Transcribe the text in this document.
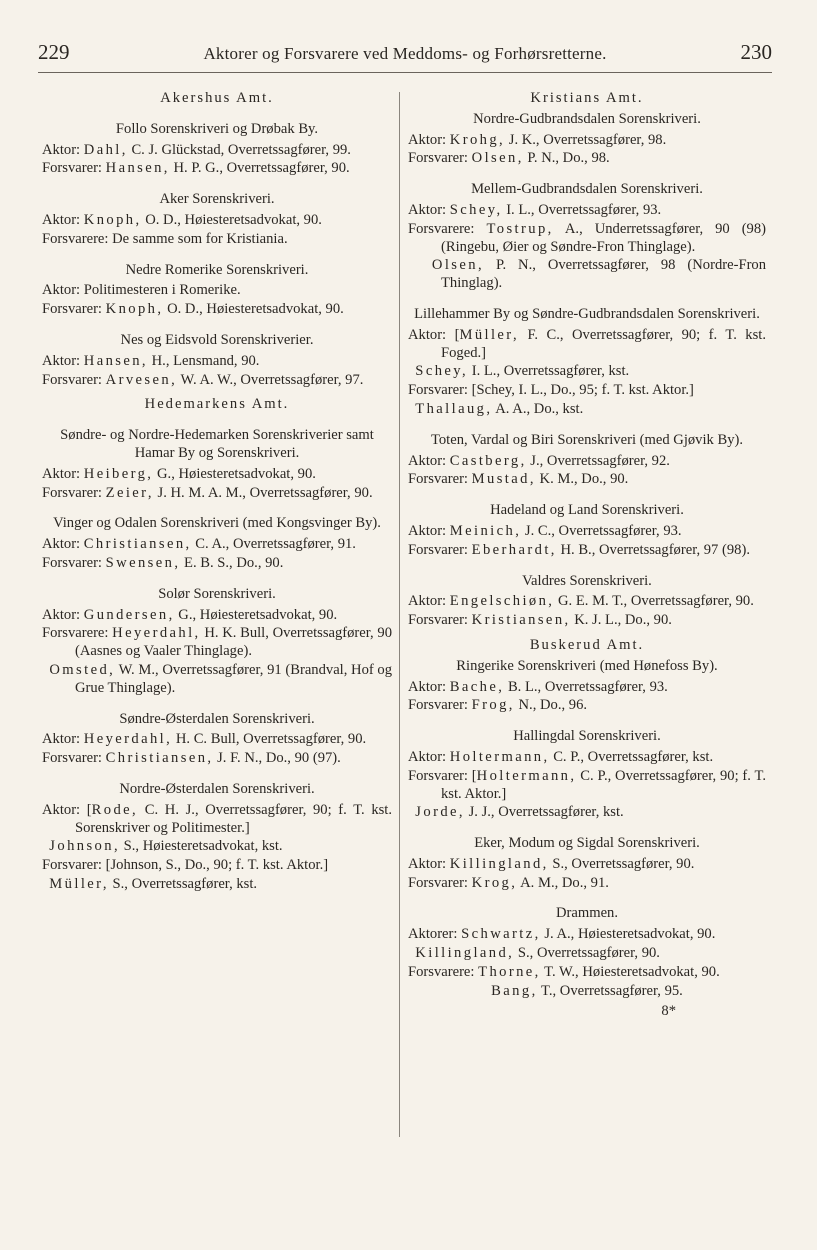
229	Aktorer og Forsvarere ved Meddoms- og Forhørsretterne.	230
Akershus Amt.
Follo Sorenskriveri og Drøbak By.
Aktor: Dahl, C. J. Glückstad, Overretssagfører, 99.
Forsvarer: Hansen, H. P. G., Overretssagfører, 90.
Aker Sorenskriveri.
Aktor: Knoph, O. D., Høiesteretsadvokat, 90.
Forsvarere: De samme som for Kristiania.
Nedre Romerike Sorenskriveri.
Aktor: Politimesteren i Romerike.
Forsvarer: Knoph, O. D., Høiesteretsadvokat, 90.
Nes og Eidsvold Sorenskriverier.
Aktor: Hansen, H., Lensmand, 90.
Forsvarer: Arvesen, W. A. W., Overretssagfører, 97.
Hedemarkens Amt.
Søndre- og Nordre-Hedemarken Sorenskriverier samt Hamar By og Sorenskriveri.
Aktor: Heiberg, G., Høiesteretsadvokat, 90.
Forsvarer: Zeier, J. H. M. A. M., Overretssagfører, 90.
Vinger og Odalen Sorenskriveri (med Kongsvinger By).
Aktor: Christiansen, C. A., Overretssagfører, 91.
Forsvarer: Swensen, E. B. S., Do., 90.
Solør Sorenskriveri.
Aktor: Gundersen, G., Høiesteretsadvokat, 90.
Forsvarere: Heyerdahl, H. K. Bull, Overretssagfører, 90 (Aasnes og Vaaler Thinglage).
Omsted, W. M., Overretssagfører, 91 (Brandval, Hof og Grue Thinglage).
Søndre-Østerdalen Sorenskriveri.
Aktor: Heyerdahl, H. C. Bull, Overretssagfører, 90.
Forsvarer: Christiansen, J. F. N., Do., 90 (97).
Nordre-Østerdalen Sorenskriveri.
Aktor: [Rode, C. H. J., Overretssagfører, 90; f. T. kst. Sorenskriver og Politimester.]
Johnson, S., Høiesteretsadvokat, kst.
Forsvarer: [Johnson, S., Do., 90; f. T. kst. Aktor.]
Müller, S., Overretssagfører, kst.
Kristians Amt.
Nordre-Gudbrandsdalen Sorenskriveri.
Aktor: Krohg, J. K., Overretssagfører, 98.
Forsvarer: Olsen, P. N., Do., 98.
Mellem-Gudbrandsdalen Sorenskriveri.
Aktor: Schey, I. L., Overretssagfører, 93.
Forsvarere: Tostrup, A., Underretssagfører, 90 (98) (Ringebu, Øier og Søndre-Fron Thinglage).
Olsen, P. N., Overretssagfører, 98 (Nordre-Fron Thinglag).
Lillehammer By og Søndre-Gudbrandsdalen Sorenskriveri.
Aktor: [Müller, F. C., Overretssagfører, 90; f. T. kst. Foged.]
Schey, I. L., Overretssagfører, kst.
Forsvarer: [Schey, I. L., Do., 95; f. T. kst. Aktor.]
Thallaug, A. A., Do., kst.
Toten, Vardal og Biri Sorenskriveri (med Gjøvik By).
Aktor: Castberg, J., Overretssagfører, 92.
Forsvarer: Mustad, K. M., Do., 90.
Hadeland og Land Sorenskriveri.
Aktor: Meinich, J. C., Overretssagfører, 93.
Forsvarer: Eberhardt, H. B., Overretssagfører, 97 (98).
Valdres Sorenskriveri.
Aktor: Engelschiøn, G. E. M. T., Overretssagfører, 90.
Forsvarer: Kristiansen, K. J. L., Do., 90.
Buskerud Amt.
Ringerike Sorenskriveri (med Hønefoss By).
Aktor: Bache, B. L., Overretssagfører, 93.
Forsvarer: Frog, N., Do., 96.
Hallingdal Sorenskriveri.
Aktor: Holtermann, C. P., Overretssagfører, kst.
Forsvarer: [Holtermann, C. P., Overretssagfører, 90; f. T. kst. Aktor.]
Jorde, J. J., Overretssagfører, kst.
Eker, Modum og Sigdal Sorenskriveri.
Aktor: Killingland, S., Overretssagfører, 90.
Forsvarer: Krog, A. M., Do., 91.
Drammen.
Aktorer: Schwartz, J. A., Høiesteretsadvokat, 90.
Killingland, S., Overretssagfører, 90.
Forsvarere: Thorne, T. W., Høiesteretsadvokat, 90.
Bang, T., Overretssagfører, 95.
8*
